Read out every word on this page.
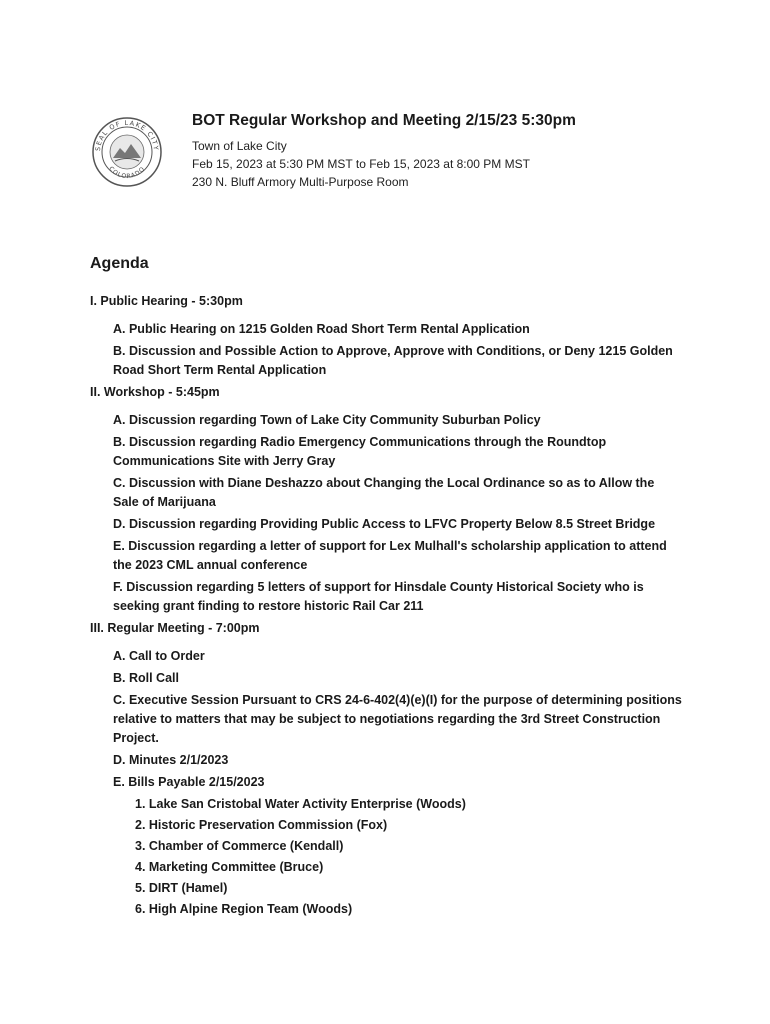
SEAL OF LAKE CITY
COLORADO
BOT Regular Workshop and Meeting 2/15/23 5:30pm
Town of Lake City
Feb 15, 2023 at 5:30 PM MST to Feb 15, 2023 at 8:00 PM MST
230 N. Bluff Armory Multi-Purpose Room
Agenda
I. Public Hearing - 5:30pm
A. Public Hearing on 1215 Golden Road Short Term Rental Application
B. Discussion and Possible Action to Approve, Approve with Conditions, or Deny 1215 Golden Road Short Term Rental Application
II. Workshop - 5:45pm
A. Discussion regarding Town of Lake City Community Suburban Policy
B. Discussion regarding Radio Emergency Communications through the Roundtop Communications Site with Jerry Gray
C. Discussion with Diane Deshazzo about Changing the Local Ordinance so as to Allow the Sale of Marijuana
D. Discussion regarding Providing Public Access to LFVC Property Below 8.5 Street Bridge
E. Discussion regarding a letter of support for Lex Mulhall's scholarship application to attend the 2023 CML annual conference
F. Discussion regarding 5 letters of support for Hinsdale County Historical Society who is seeking grant finding to restore historic Rail Car 211
III. Regular Meeting - 7:00pm
A. Call to Order
B. Roll Call
C. Executive Session Pursuant to CRS 24-6-402(4)(e)(I) for the purpose of determining positions relative to matters that may be subject to negotiations regarding the 3rd Street Construction Project.
D. Minutes 2/1/2023
E. Bills Payable 2/15/2023
1. Lake San Cristobal Water Activity Enterprise (Woods)
2. Historic Preservation Commission (Fox)
3. Chamber of Commerce (Kendall)
4. Marketing Committee (Bruce)
5. DIRT (Hamel)
6. High Alpine Region Team (Woods)
